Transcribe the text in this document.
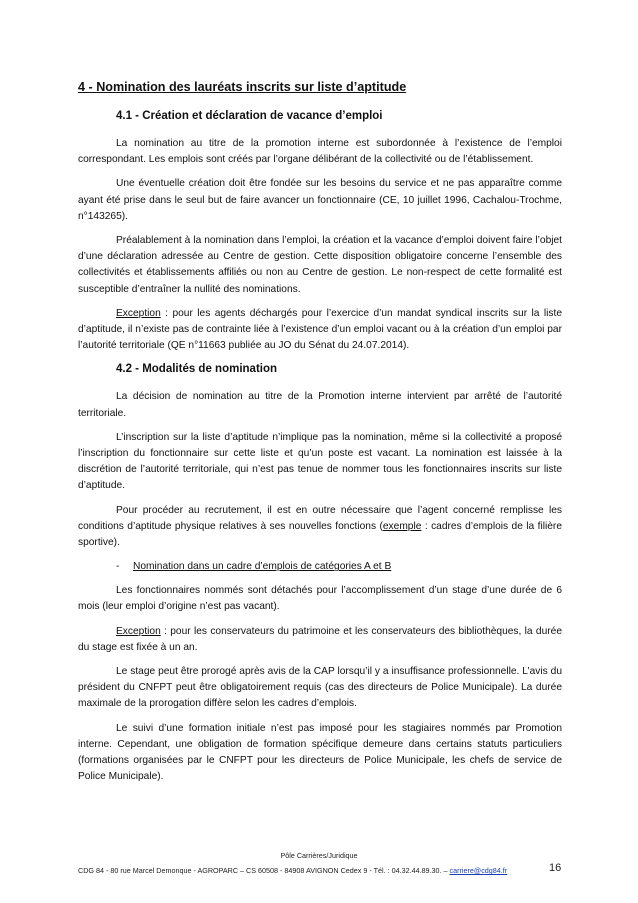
4 - Nomination des lauréats inscrits sur liste d’aptitude
4.1 - Création et déclaration de vacance d’emploi

La nomination au titre de la promotion interne est subordonnée à l’existence de l’emploi correspondant. Les emplois sont créés par l’organe délibérant de la collectivité ou de l’établissement.

Une éventuelle création doit être fondée sur les besoins du service et ne pas apparaître comme ayant été prise dans le seul but de faire avancer un fonctionnaire (CE, 10 juillet 1996, Cachalou-Trochme, n°143265).

Préalablement à la nomination dans l’emploi, la création et la vacance d’emploi doivent faire l’objet d’une déclaration adressée au Centre de gestion. Cette disposition obligatoire concerne l’ensemble des collectivités et établissements affiliés ou non au Centre de gestion. Le non-respect de cette formalité est susceptible d’entraîner la nullité des nominations.

Exception : pour les agents déchargés pour l’exercice d’un mandat syndical inscrits sur la liste d’aptitude, il n’existe pas de contrainte liée à l’existence d’un emploi vacant ou à la création d’un emploi par l’autorité territoriale (QE n°11663 publiée au JO du Sénat du 24.07.2014).

4.2 - Modalités de nomination

La décision de nomination au titre de la Promotion interne intervient par arrêté de l’autorité territoriale.

L’inscription sur la liste d’aptitude n’implique pas la nomination, même si la collectivité a proposé l’inscription du fonctionnaire sur cette liste et qu’un poste est vacant. La nomination est laissée à la discrétion de l’autorité territoriale, qui n’est pas tenue de nommer tous les fonctionnaires inscrits sur liste d’aptitude.

Pour procéder au recrutement, il est en outre nécessaire que l’agent concerné remplisse les conditions d’aptitude physique relatives à ses nouvelles fonctions (exemple : cadres d’emplois de la filière sportive).

- Nomination dans un cadre d’emplois de catégories A et B

Les fonctionnaires nommés sont détachés pour l’accomplissement d’un stage d’une durée de 6 mois (leur emploi d’origine n’est pas vacant).

Exception : pour les conservateurs du patrimoine et les conservateurs des bibliothèques, la durée du stage est fixée à un an.

Le stage peut être prorogé après avis de la CAP lorsqu’il y a insuffisance professionnelle. L’avis du président du CNFPT peut être obligatoirement requis (cas des directeurs de Police Municipale). La durée maximale de la prorogation diffère selon les cadres d’emplois.

Le suivi d’une formation initiale n’est pas imposé pour les stagiaires nommés par Promotion interne. Cependant, une obligation de formation spécifique demeure dans certains statuts particuliers (formations organisées par le CNFPT pour les directeurs de Police Municipale, les chefs de service de Police Municipale).

Pôle Carrières/Juridique
CDG 84 - 80 rue Marcel Demonque - AGROPARC – CS 60508 - 84908 AVIGNON Cedex 9 - Tél. : 04.32.44.89.30. – carriere@cdg84.fr	16
